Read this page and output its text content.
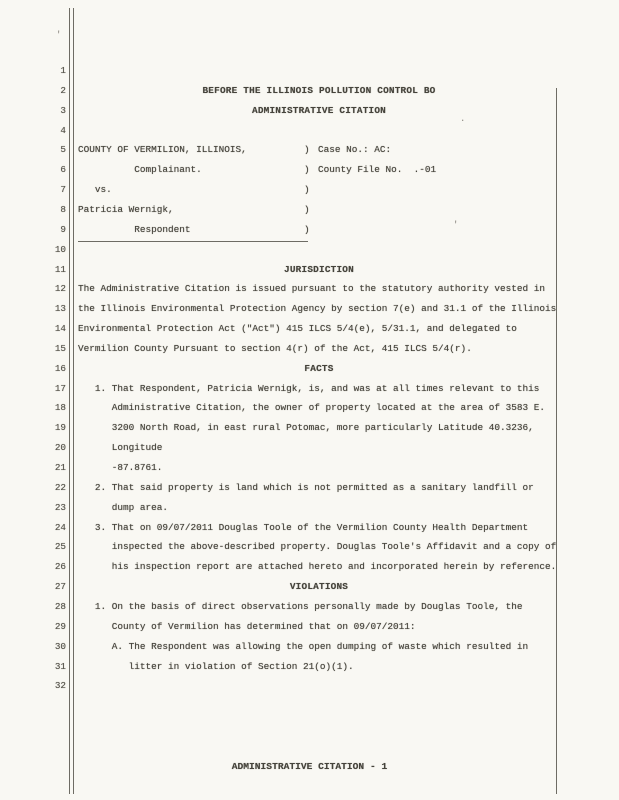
1
2
3
4
5
6
7
8
9
10
11
12
13
14
15
16
17
18
19
20
21
22
23
24
25
26
27
28
29
30
31
32
BEFORE THE ILLINOIS POLLUTION CONTROL BO
ADMINISTRATIVE CITATION
COUNTY OF VERMILION, ILLINOIS,	) Case No.: AC:
Complainant.	) County File No.  .-01
vs.	)
Patricia Wernigk,	)
Respondent	)
JURISDICTION
The Administrative Citation is issued pursuant to the statutory authority vested in
the Illinois Environmental Protection Agency by section 7(e) and 31.1 of the Illinois
Environmental Protection Act ("Act") 415 ILCS 5/4(e), 5/31.1, and delegated to
Vermilion County Pursuant to section 4(r) of the Act, 415 ILCS 5/4(r).
FACTS
1. That Respondent, Patricia Wernigk, is, and was at all times relevant to this
Administrative Citation, the owner of property located at the area of 3583 E.
3200 North Road, in east rural Potomac, more particularly Latitude 40.3236,
Longitude
-87.8761.
2. That said property is land which is not permitted as a sanitary landfill or
dump area.
3. That on 09/07/2011 Douglas Toole of the Vermilion County Health Department
inspected the above-described property. Douglas Toole's Affidavit and a copy of
his inspection report are attached hereto and incorporated herein by reference.
VIOLATIONS
1. On the basis of direct observations personally made by Douglas Toole, the
County of Vermilion has determined that on 09/07/2011:
A. The Respondent was allowing the open dumping of waste which resulted in
litter in violation of Section 21(o)(1).
ADMINISTRATIVE CITATION - 1
'
.
'
